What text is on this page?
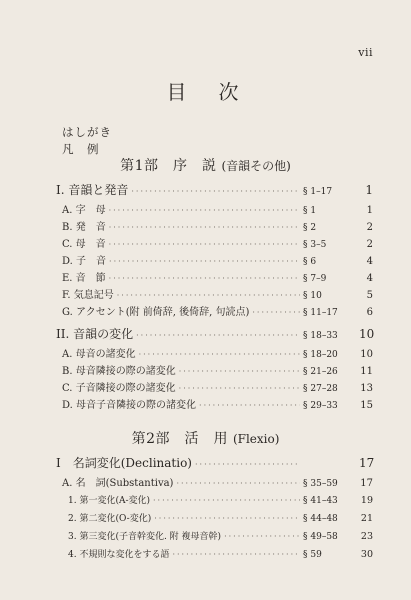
vii
目　次
はしがき
凡　例
第1部　序　説 (音韻その他)
I. 音韻と発音 ·····	§ 1–17	1
A. 字　母 ·····	§ 1	1
B. 発　音 ·····	§ 2	2
C. 母　音 ·····	§ 3–5	2
D. 子　音 ·····	§ 6	4
E. 音　節 ·····	§ 7–9	4
F. 気息記号 ·····	§ 10	5
G. アクセント(附 前倚辞, 後倚辞, 句読点) ·····	§ 11–17	6
II. 音韻の変化 ·····	§ 18–33	10
A. 母音の諸変化 ·····	§ 18–20	10
B. 母音隣接の際の諸変化 ·····	§ 21–26	11
C. 子音隣接の際の諸変化 ·····	§ 27–28	13
D. 母音子音隣接の際の諸変化 ·····	§ 29–33	15
第2部　活　用 (Flexio)
I　名詞変化(Declinatio) ·····	17
A. 名　詞(Substantiva) ·····	§ 35–59	17
1. 第一変化(A-変化) ·····	§ 41–43	19
2. 第二変化(O-変化) ·····	§ 44–48	21
3. 第三変化(子音幹変化. 附 複母音幹) ·····	§ 49–58	23
4. 不規則な変化をする語 ·····	§ 59	30
